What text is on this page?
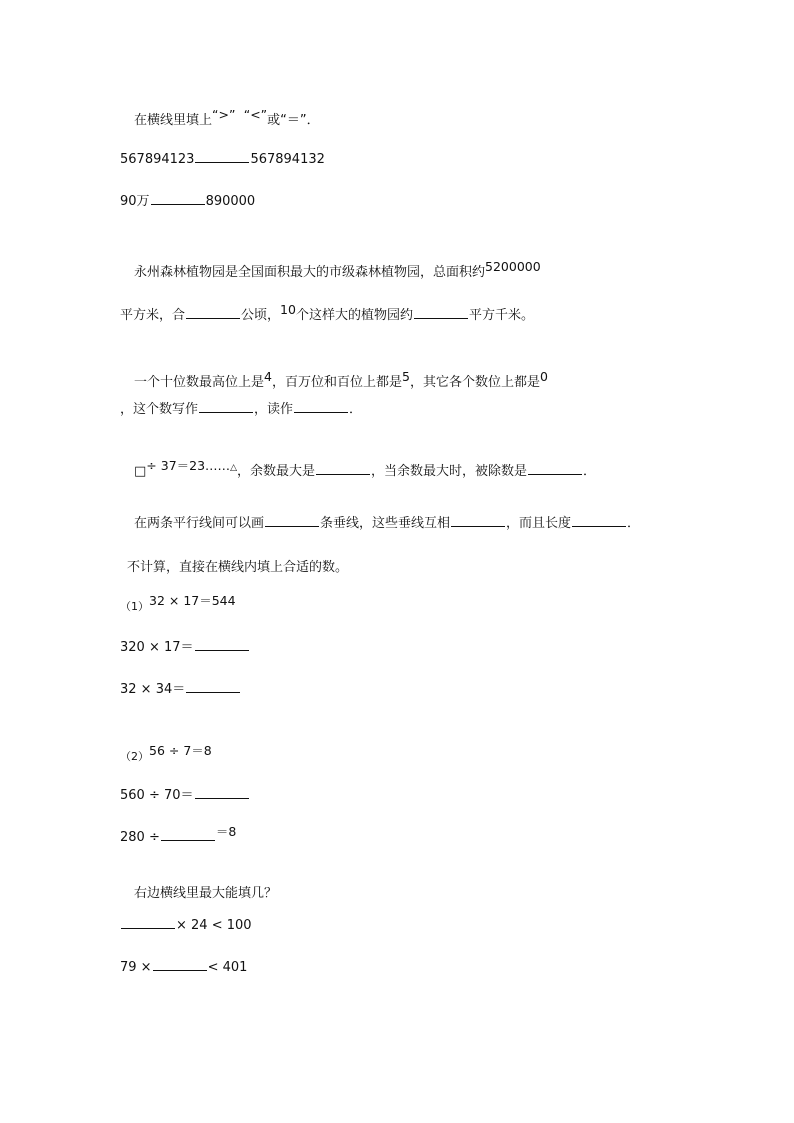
在横线里填上“>” “<”或“＝”．
567894123	567894132
90万	890000
永州森林植物园是全国面积最大的市级森林植物园，总面积约5200000
平方米，合	公顷，10个这样大的植物园约	平方千米。
一个十位数最高位上是4，百万位和百位上都是5，其它各个数位上都是0
，这个数写作	，读作	．
□÷ 37＝23……△，余数最大是	，当余数最大时，被除数是	．
在两条平行线间可以画	条垂线，这些垂线互相	，而且长度	．
不计算，直接在横线内填上合适的数。
（1）32 × 17＝544
320 × 17＝
32 × 34＝
（2）56 ÷ 7＝8
560 ÷ 70＝
280 ÷	＝8
右边横线里最大能填几？
× 24 < 100
79 ×	< 401
